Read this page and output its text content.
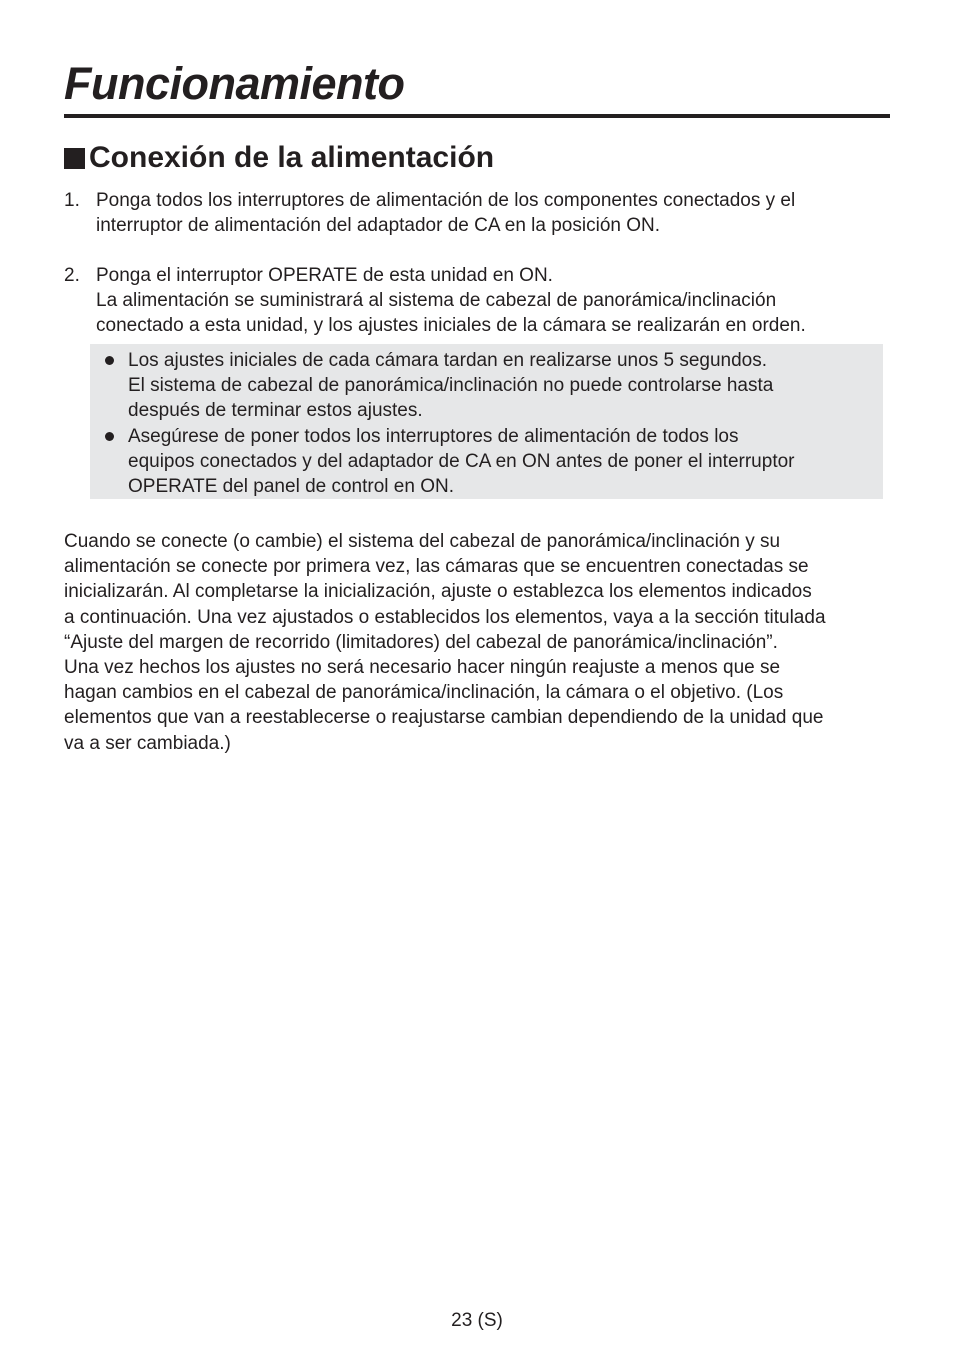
Funcionamiento
Conexión de la alimentación
1. Ponga todos los interruptores de alimentación de los componentes conectados y el

interruptor de alimentación del adaptador de CA en la posición ON.

2. Ponga el interruptor OPERATE de esta unidad en ON.

La alimentación se suministrará al sistema de cabezal de panorámica/inclinación

conectado a esta unidad, y los ajustes iniciales de la cámara se realizarán en orden.

Los ajustes iniciales de cada cámara tardan en realizarse unos 5 segundos.

El sistema de cabezal de panorámica/inclinación no puede controlarse hasta

después de terminar estos ajustes.

Asegúrese de poner todos los interruptores de alimentación de todos los

equipos conectados y del adaptador de CA en ON antes de poner el interruptor

OPERATE del panel de control en ON.

Cuando se conecte (o cambie) el sistema del cabezal de panorámica/inclinación y su

alimentación se conecte por primera vez, las cámaras que se encuentren conectadas se

inicializarán. Al completarse la inicialización, ajuste o establezca los elementos indicados

a continuación. Una vez ajustados o establecidos los elementos, vaya a la sección titulada

“Ajuste del margen de recorrido (limitadores) del cabezal de panorámica/inclinación”.

Una vez hechos los ajustes no será necesario hacer ningún reajuste a menos que se

hagan cambios en el cabezal de panorámica/inclinación, la cámara o el objetivo. (Los

elementos que van a reestablecerse o reajustarse cambian dependiendo de la unidad que

va a ser cambiada.)

23 (S)
